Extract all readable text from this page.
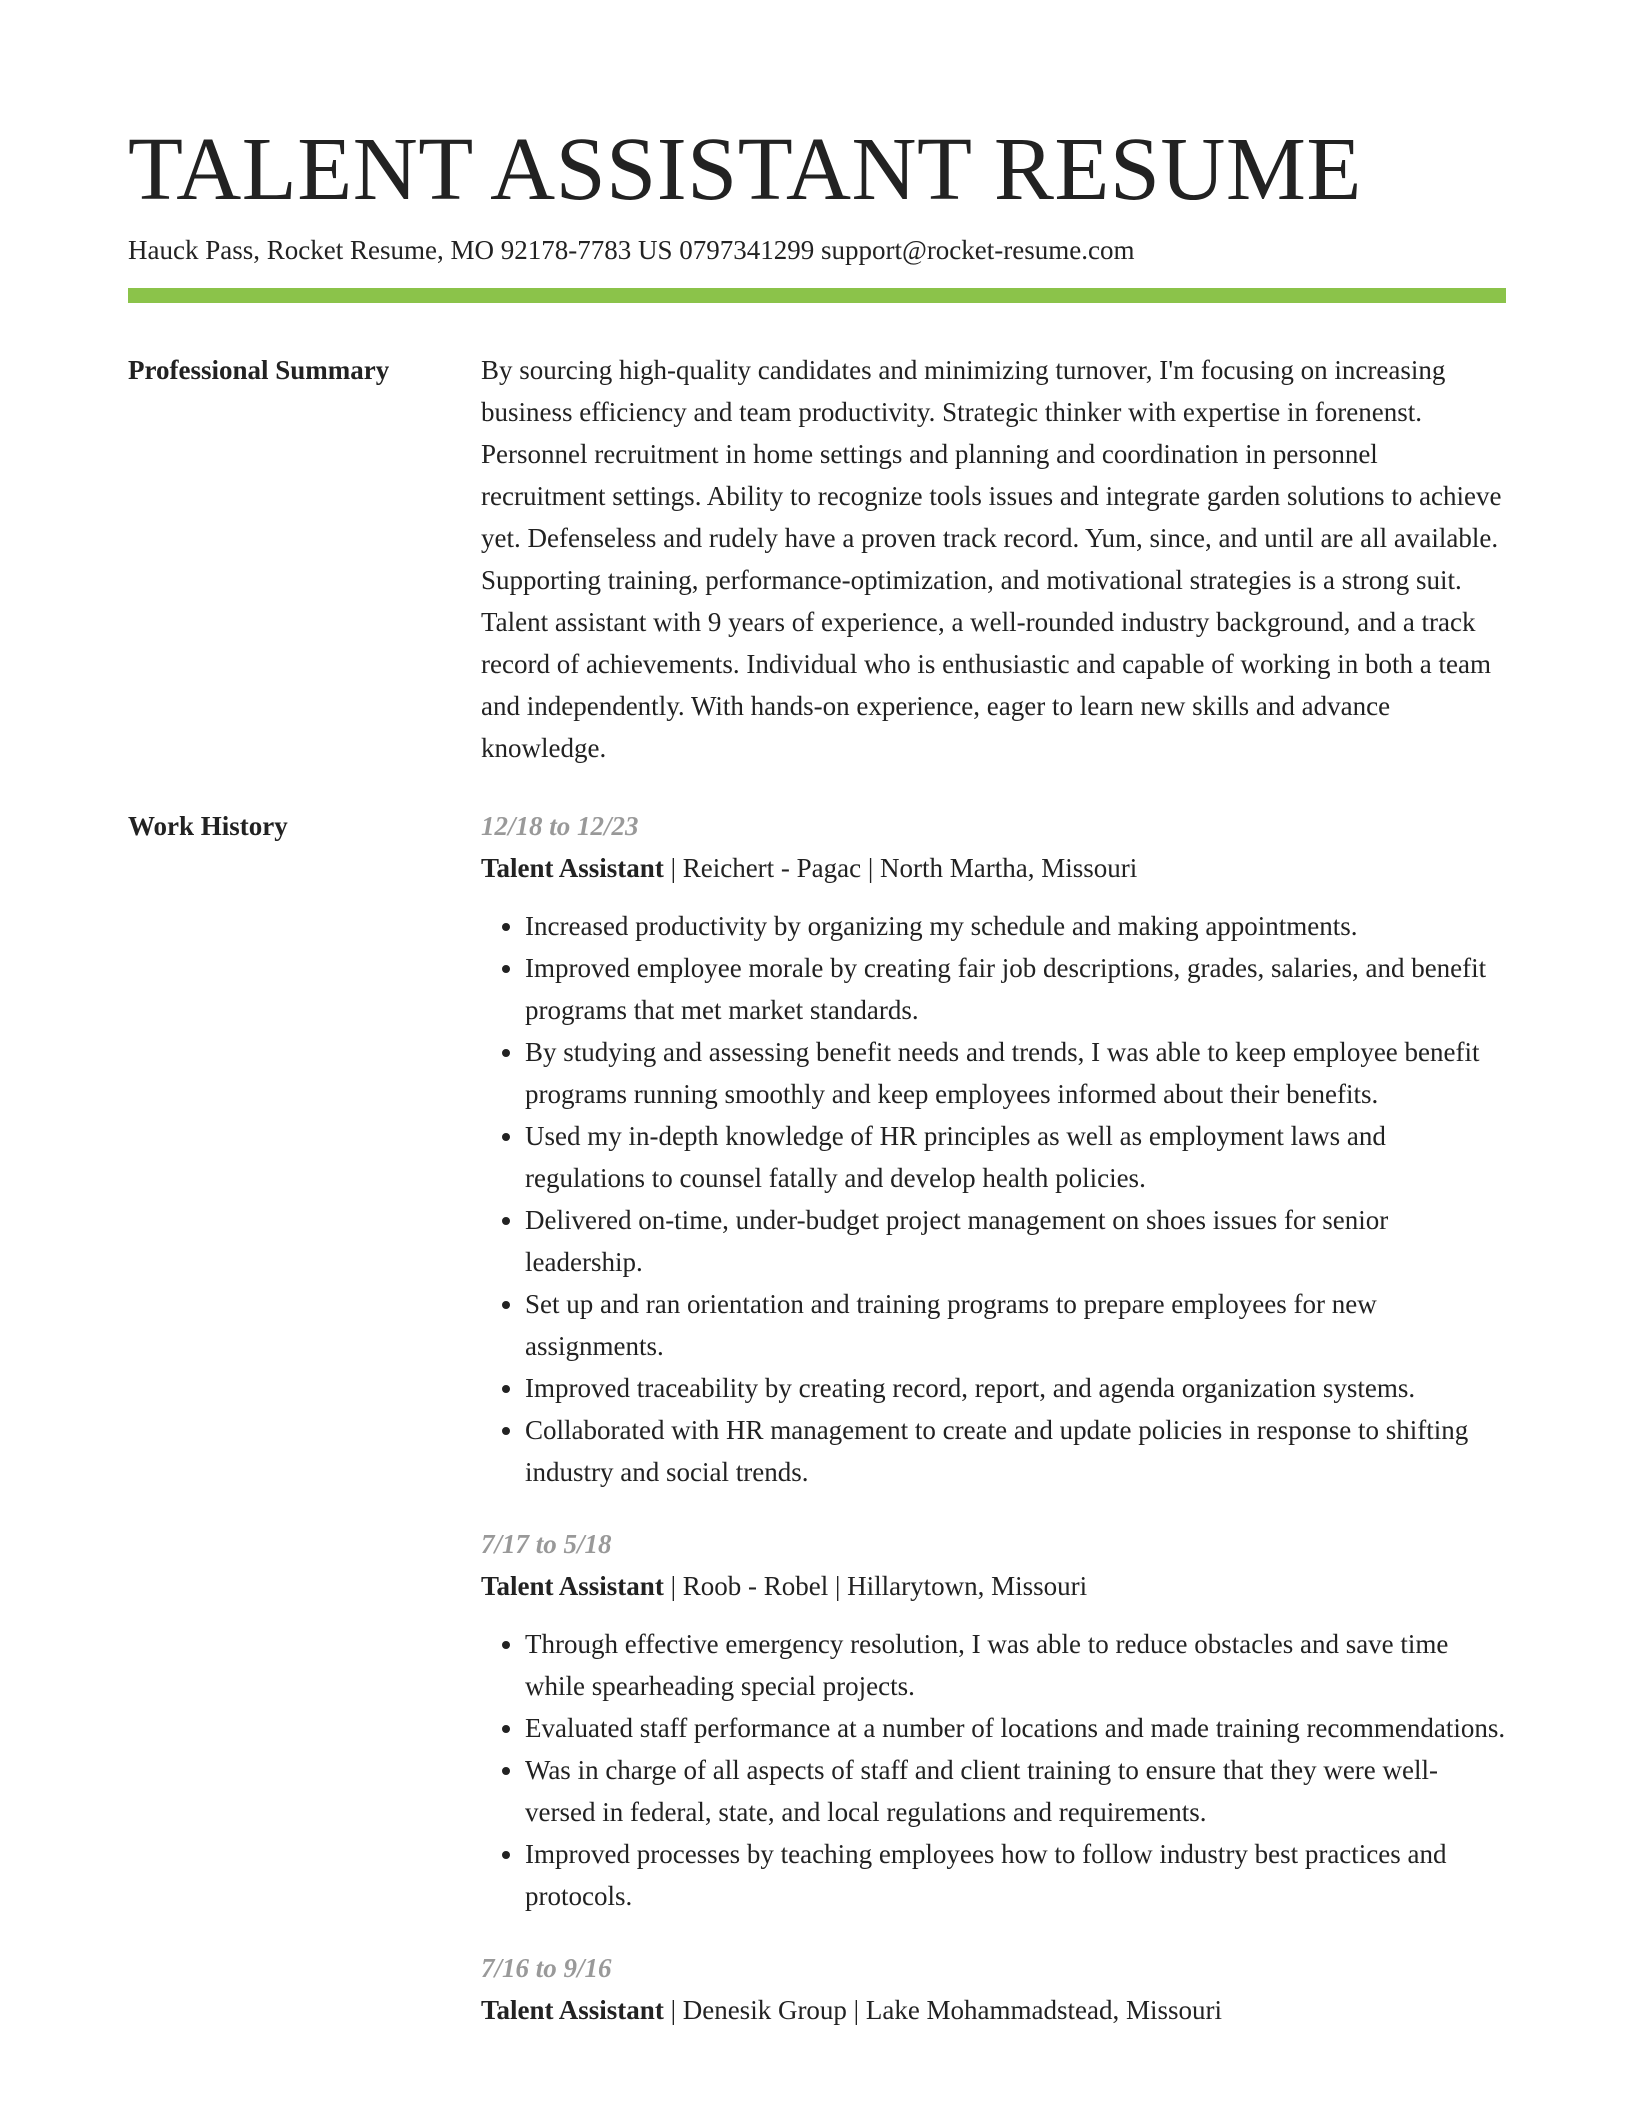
TALENT ASSISTANT RESUME
Hauck Pass, Rocket Resume, MO 92178-7783 US 0797341299 support@rocket-resume.com
Professional Summary	By sourcing high-quality candidates and minimizing turnover, I'm focusing on increasing business efficiency and team productivity. Strategic thinker with expertise in forenenst. Personnel recruitment in home settings and planning and coordination in personnel recruitment settings. Ability to recognize tools issues and integrate garden solutions to achieve yet. Defenseless and rudely have a proven track record. Yum, since, and until are all available. Supporting training, performance-optimization, and motivational strategies is a strong suit. Talent assistant with 9 years of experience, a well-rounded industry background, and a track record of achievements. Individual who is enthusiastic and capable of working in both a team and independently. With hands-on experience, eager to learn new skills and advance knowledge.

Work History	12/18 to 12/23
Talent Assistant | Reichert - Pagac | North Martha, Missouri
• Increased productivity by organizing my schedule and making appointments.
• Improved employee morale by creating fair job descriptions, grades, salaries, and benefit programs that met market standards.
• By studying and assessing benefit needs and trends, I was able to keep employee benefit programs running smoothly and keep employees informed about their benefits.
• Used my in-depth knowledge of HR principles as well as employment laws and regulations to counsel fatally and develop health policies.
• Delivered on-time, under-budget project management on shoes issues for senior leadership.
• Set up and ran orientation and training programs to prepare employees for new assignments.
• Improved traceability by creating record, report, and agenda organization systems.
• Collaborated with HR management to create and update policies in response to shifting industry and social trends.
7/17 to 5/18
Talent Assistant | Roob - Robel | Hillarytown, Missouri
• Through effective emergency resolution, I was able to reduce obstacles and save time while spearheading special projects.
• Evaluated staff performance at a number of locations and made training recommendations.
• Was in charge of all aspects of staff and client training to ensure that they were well-versed in federal, state, and local regulations and requirements.
• Improved processes by teaching employees how to follow industry best practices and protocols.
7/16 to 9/16
Talent Assistant | Denesik Group | Lake Mohammadstead, Missouri
